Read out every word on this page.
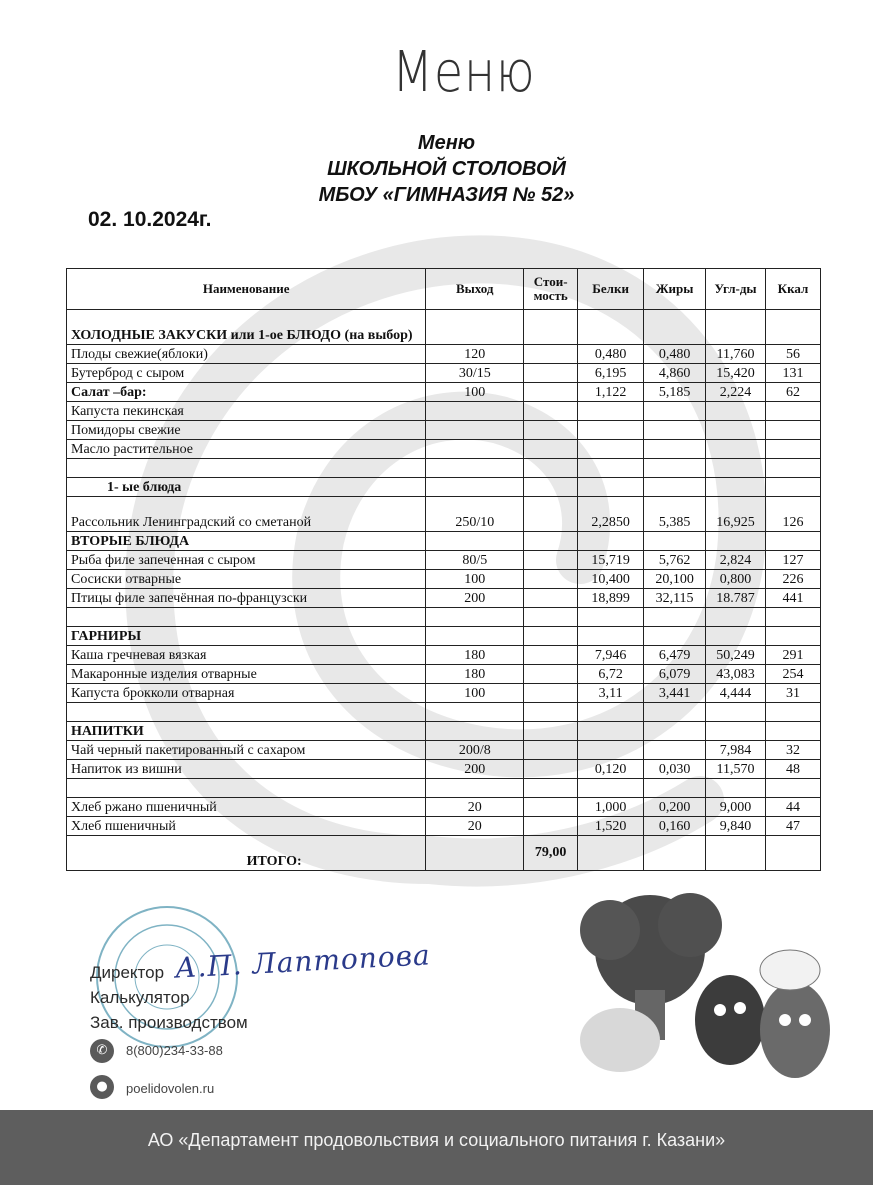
Меню
Меню
ШКОЛЬНОЙ СТОЛОВОЙ
МБОУ «ГИМНАЗИЯ № 52»
02. 10.2024г.
Наименование	Выход	Стои-мость	Белки	Жиры	Угл-ды	Ккал
ХОЛОДНЫЕ ЗАКУСКИ или 1-ое БЛЮДО (на выбор)						
Плоды свежие(яблоки)	120		0,480	0,480	11,760	56
Бутерброд с сыром	30/15		6,195	4,860	15,420	131
Салат –бар:	100		1,122	5,185	2,224	62
Капуста пекинская						
Помидоры свежие						
Масло растительное						

1- ые блюда						
Рассольник Ленинградский со сметаной	250/10		2,2850	5,385	16,925	126
ВТОРЫЕ БЛЮДА						
Рыба филе запеченная с сыром	80/5		15,719	5,762	2,824	127
Сосиски отварные	100		10,400	20,100	0,800	226
Птицы филе запечённая по-французски	200		18,899	32,115	18.787	441

ГАРНИРЫ						
Каша гречневая вязкая	180		7,946	6,479	50,249	291
Макаронные изделия отварные	180		6,72	6,079	43,083	254
Капуста брокколи отварная	100		3,11	3,441	4,444	31

НАПИТКИ						
Чай черный пакетированный с сахаром	200/8				7,984	32
Напиток из вишни	200		0,120	0,030	11,570	48

Хлеб ржано пшеничный	20		1,000	0,200	9,000	44
Хлеб пшеничный	20		1,520	0,160	9,840	47
ИТОГО:		79,00				
Директор А.П. Лаптопова
Калькулятор
Зав. производством
✆	8(800)234-33-88
●	poelidovolen.ru
АО «Департамент продовольствия и социального питания г. Казани»
